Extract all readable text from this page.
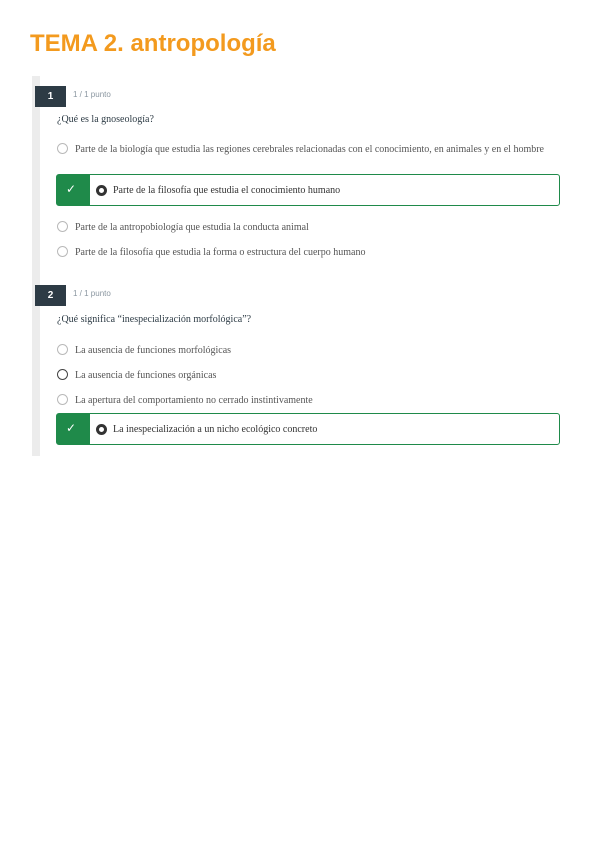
TEMA 2. antropología
1	1 / 1 punto
¿Qué es la gnoseología?
Parte de la biología que estudia las regiones cerebrales relacionadas con el conocimiento, en animales y en el hombre
✓	Parte de la filosofía que estudia el conocimiento humano
Parte de la antropobiología que estudia la conducta animal
Parte de la filosofía que estudia la forma o estructura del cuerpo humano
2	1 / 1 punto
¿Qué significa “inespecialización morfológica”?
La ausencia de funciones morfológicas
La ausencia de funciones orgánicas
La apertura del comportamiento no cerrado instintivamente
✓	La inespecialización a un nicho ecológico concreto
